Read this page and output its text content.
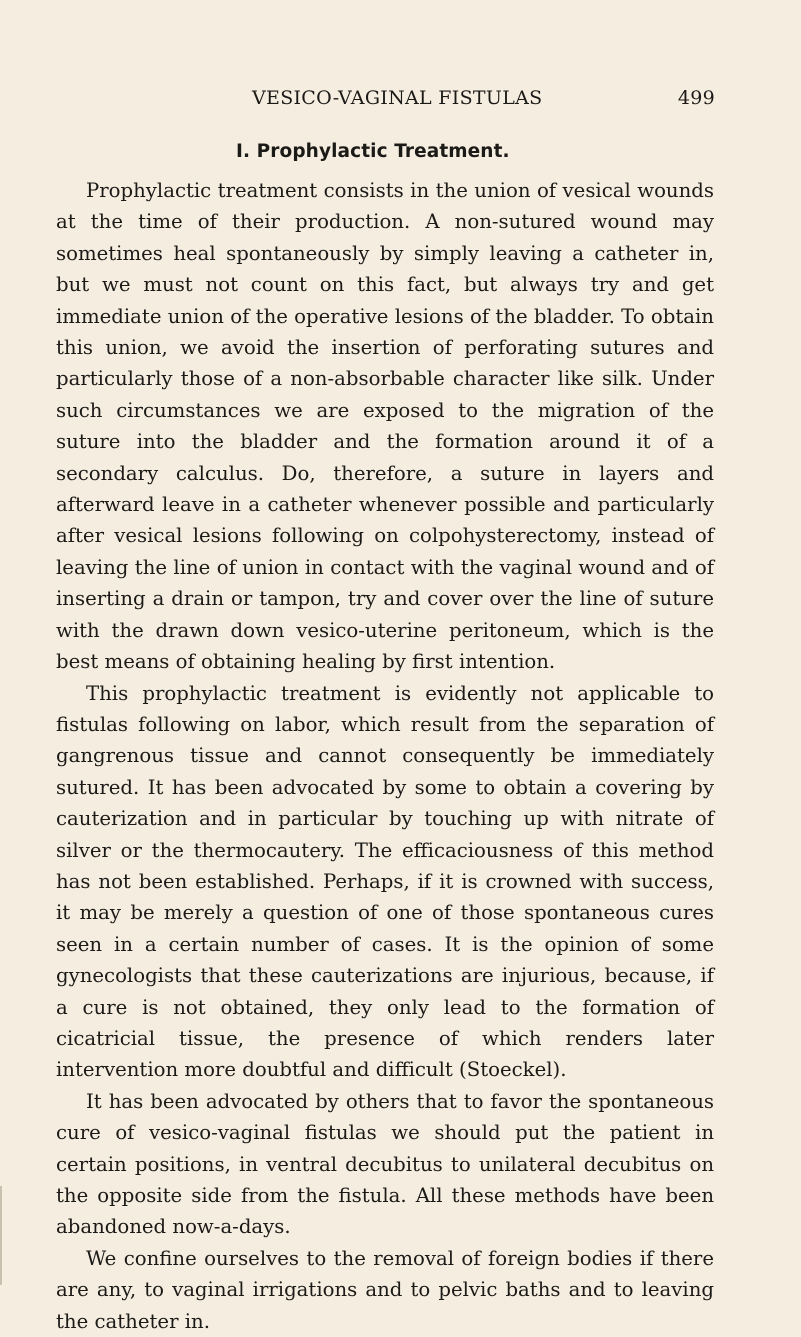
VESICO-VAGINAL FISTULAS	499
I. Prophylactic Treatment.

Prophylactic treatment consists in the union of vesical wounds at the time of their production. A non-sutured wound may sometimes heal spontaneously by simply leaving a catheter in, but we must not count on this fact, but always try and get immediate union of the operative lesions of the bladder. To obtain this union, we avoid the insertion of perforating sutures and particularly those of a non-absorbable character like silk. Under such circumstances we are exposed to the migration of the suture into the bladder and the formation around it of a secondary calculus. Do, therefore, a suture in layers and afterward leave in a catheter whenever possible and particularly after vesical lesions following on colpohysterectomy, instead of leaving the line of union in contact with the vaginal wound and of inserting a drain or tampon, try and cover over the line of suture with the drawn down vesico-uterine peritoneum, which is the best means of obtaining healing by first intention.

This prophylactic treatment is evidently not applicable to fistulas following on labor, which result from the separation of gangrenous tissue and cannot consequently be immediately sutured. It has been advocated by some to obtain a covering by cauterization and in particular by touching up with nitrate of silver or the thermocautery. The efficaciousness of this method has not been established. Perhaps, if it is crowned with success, it may be merely a question of one of those spontaneous cures seen in a certain number of cases. It is the opinion of some gynecologists that these cauterizations are injurious, because, if a cure is not obtained, they only lead to the formation of cicatricial tissue, the presence of which renders later intervention more doubtful and difficult (Stoeckel).

It has been advocated by others that to favor the spontaneous cure of vesico-vaginal fistulas we should put the patient in certain positions, in ventral decubitus to unilateral decubitus on the opposite side from the fistula. All these methods have been abandoned now-a-days.

We confine ourselves to the removal of foreign bodies if there are any, to vaginal irrigations and to pelvic baths and to leaving the catheter in.
